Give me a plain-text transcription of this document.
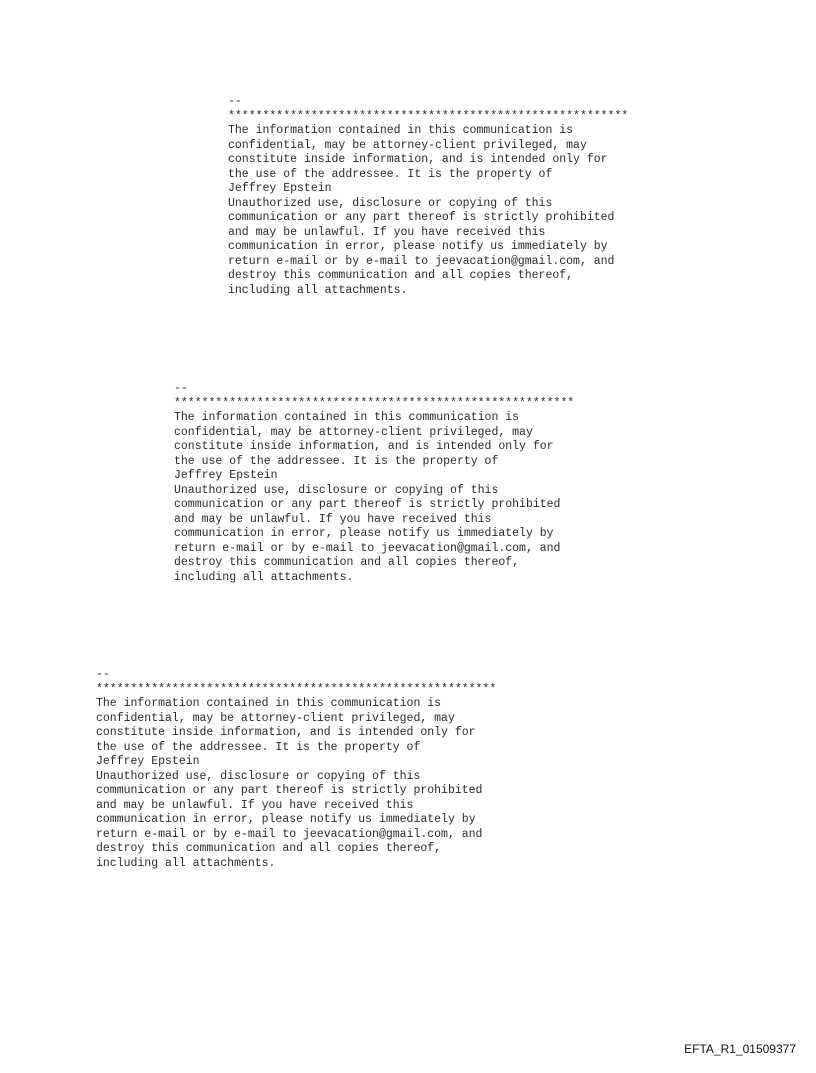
--
**********************************************************
The information contained in this communication is
confidential, may be attorney-client privileged, may
constitute inside information, and is intended only for
the use of the addressee. It is the property of
Jeffrey Epstein
Unauthorized use, disclosure or copying of this
communication or any part thereof is strictly prohibited
and may be unlawful. If you have received this
communication in error, please notify us immediately by
return e-mail or by e-mail to jeevacation@gmail.com, and
destroy this communication and all copies thereof,
including all attachments.
--
**********************************************************
The information contained in this communication is
confidential, may be attorney-client privileged, may
constitute inside information, and is intended only for
the use of the addressee. It is the property of
Jeffrey Epstein
Unauthorized use, disclosure or copying of this
communication or any part thereof is strictly prohibited
and may be unlawful. If you have received this
communication in error, please notify us immediately by
return e-mail or by e-mail to jeevacation@gmail.com, and
destroy this communication and all copies thereof,
including all attachments.
--
**********************************************************
The information contained in this communication is
confidential, may be attorney-client privileged, may
constitute inside information, and is intended only for
the use of the addressee. It is the property of
Jeffrey Epstein
Unauthorized use, disclosure or copying of this
communication or any part thereof is strictly prohibited
and may be unlawful. If you have received this
communication in error, please notify us immediately by
return e-mail or by e-mail to jeevacation@gmail.com, and
destroy this communication and all copies thereof,
including all attachments.
EFTA_R1_01509377
